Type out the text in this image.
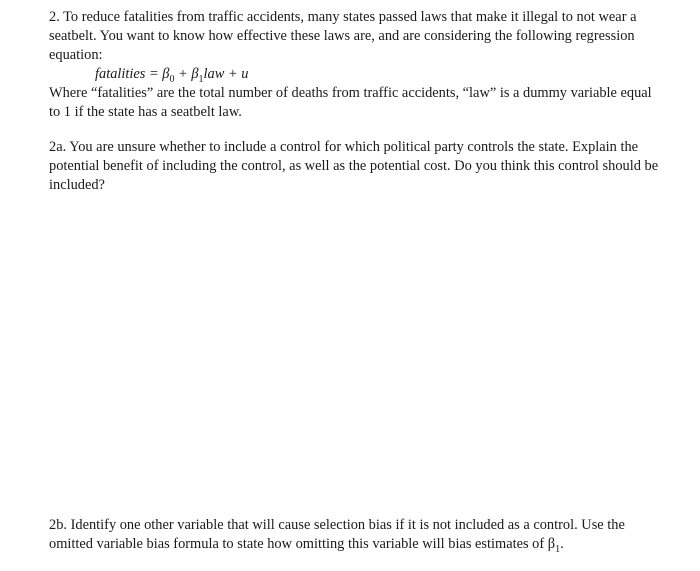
2. To reduce fatalities from traffic accidents, many states passed laws that make it illegal to not wear a
seatbelt. You want to know how effective these laws are, and are considering the following regression
equation:
fatalities = $\beta_0 + \beta_1law + u$
Where “fatalities” are the total number of deaths from traffic accidents, “law” is a dummy variable equal
to 1 if the state has a seatbelt law.
2a. You are unsure whether to include a control for which political party controls the state. Explain the
potential benefit of including the control, as well as the potential cost. Do you think this control should be
included?
2b. Identify one other variable that will cause selection bias if it is not included as a control. Use the
omitted variable bias formula to state how omitting this variable will bias estimates of $\beta_1$.
